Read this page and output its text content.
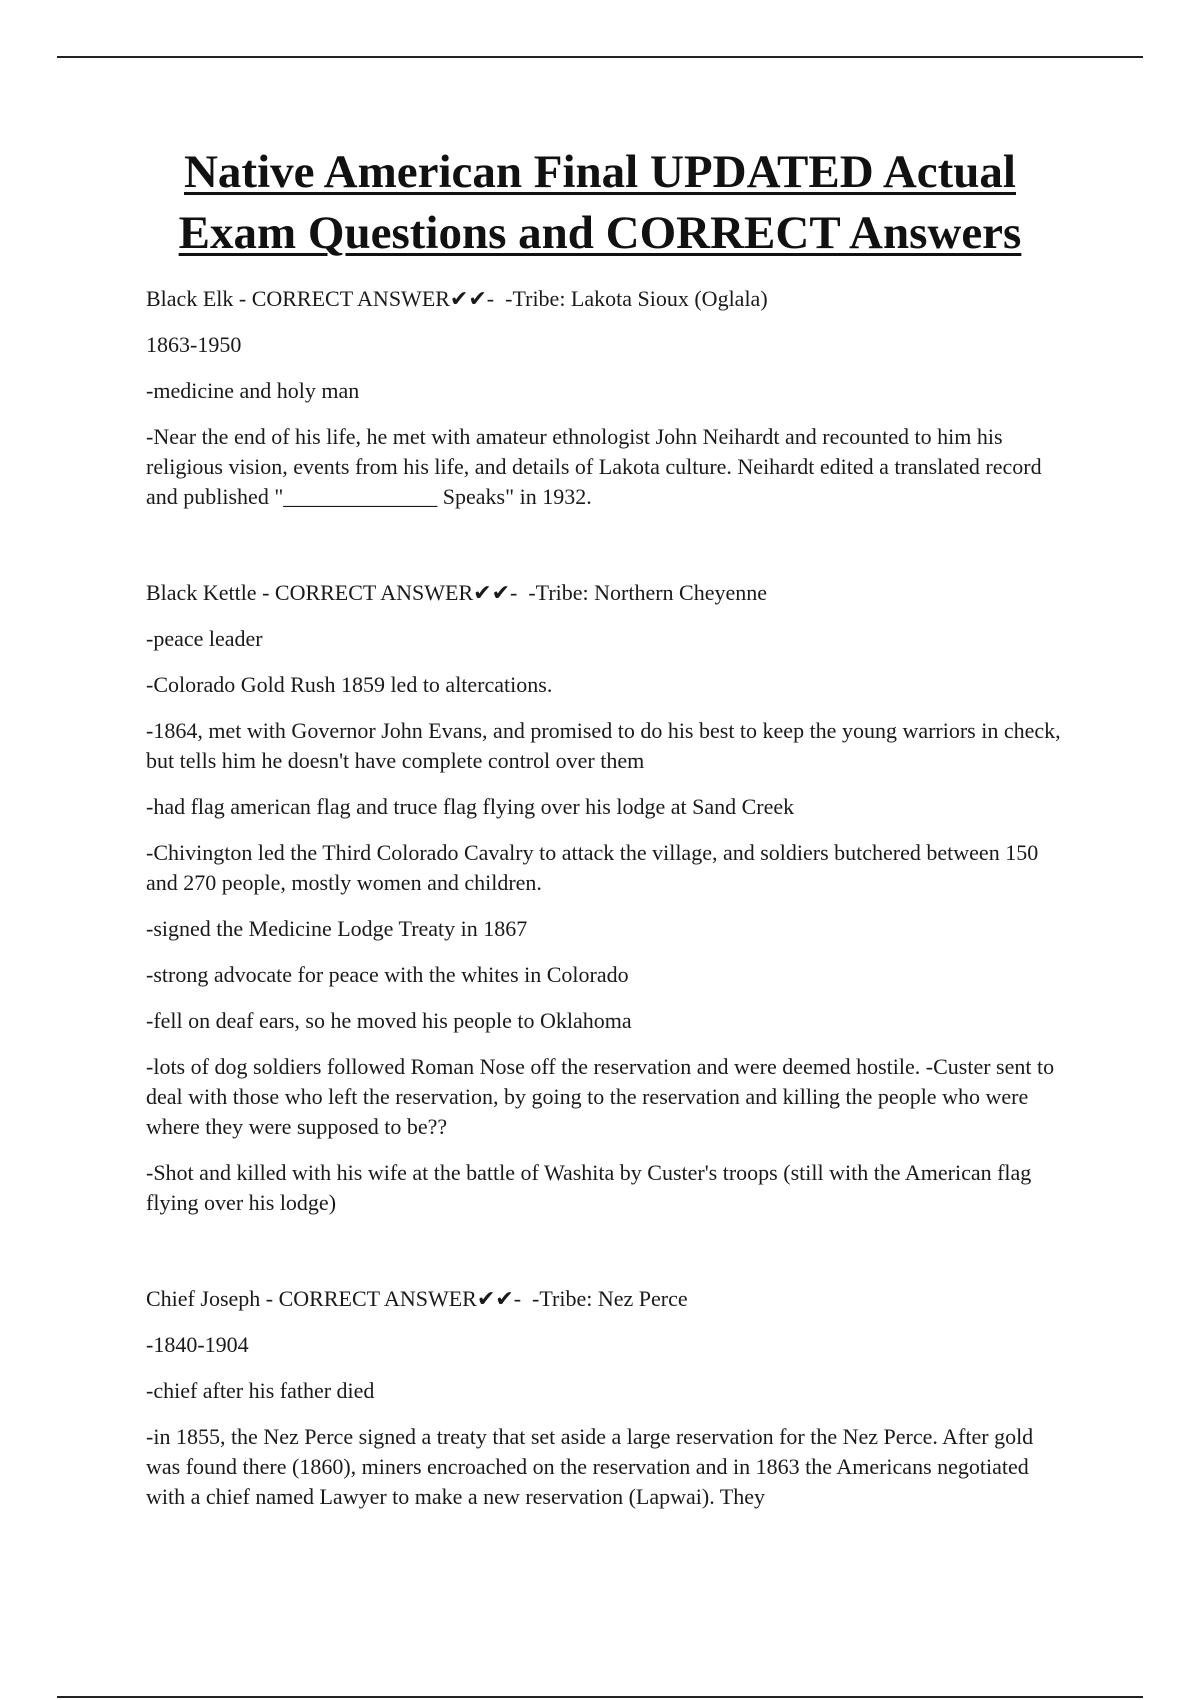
Native American Final UPDATED Actual
Exam Questions and CORRECT Answers

Black Elk - CORRECT ANSWER✔✔-  -Tribe: Lakota Sioux (Oglala)

1863-1950

-medicine and holy man

-Near the end of his life, he met with amateur ethnologist John Neihardt and recounted to him his religious vision, events from his life, and details of Lakota culture. Neihardt edited a translated record and published "______________ Speaks" in 1932.

Black Kettle - CORRECT ANSWER✔✔-  -Tribe: Northern Cheyenne

-peace leader

-Colorado Gold Rush 1859 led to altercations.

-1864, met with Governor John Evans, and promised to do his best to keep the young warriors in check, but tells him he doesn't have complete control over them

-had flag american flag and truce flag flying over his lodge at Sand Creek

-Chivington led the Third Colorado Cavalry to attack the village, and soldiers butchered between 150 and 270 people, mostly women and children.

-signed the Medicine Lodge Treaty in 1867

-strong advocate for peace with the whites in Colorado

-fell on deaf ears, so he moved his people to Oklahoma

-lots of dog soldiers followed Roman Nose off the reservation and were deemed hostile. -Custer sent to deal with those who left the reservation, by going to the reservation and killing the people who were where they were supposed to be??

-Shot and killed with his wife at the battle of Washita by Custer's troops (still with the American flag flying over his lodge)

Chief Joseph - CORRECT ANSWER✔✔-  -Tribe: Nez Perce

-1840-1904

-chief after his father died

-in 1855, the Nez Perce signed a treaty that set aside a large reservation for the Nez Perce. After gold was found there (1860), miners encroached on the reservation and in 1863 the Americans negotiated with a chief named Lawyer to make a new reservation (Lapwai). They
